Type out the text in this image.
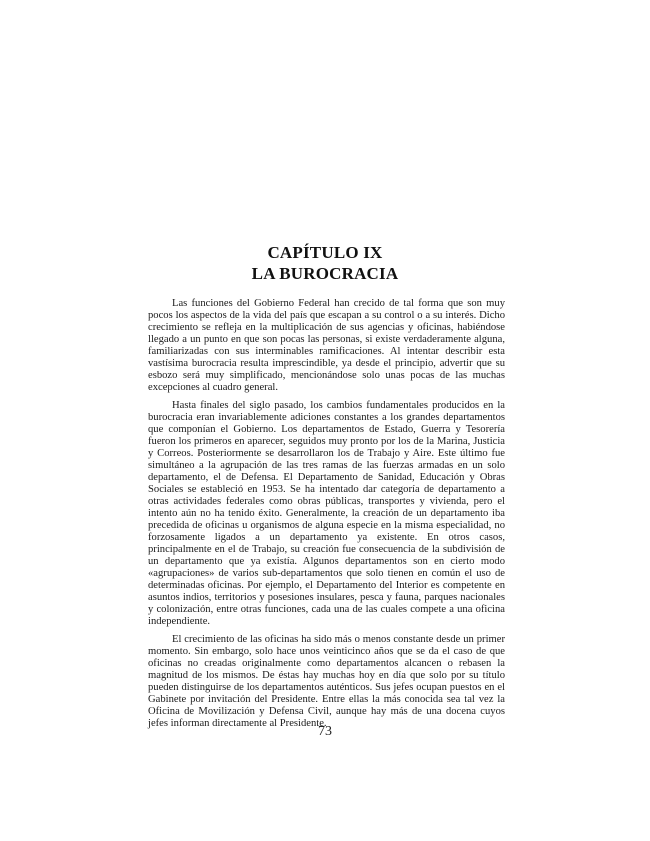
CAPÍTULO IX
LA BUROCRACIA

Las funciones del Gobierno Federal han crecido de tal forma que son muy pocos los aspectos de la vida del país que escapan a su control o a su interés. Dicho crecimiento se refleja en la multiplicación de sus agencias y oficinas, habiéndose llegado a un punto en que son pocas las personas, si existe verdaderamente alguna, familiarizadas con sus interminables ramificaciones. Al intentar describir esta vastísima burocracia resulta imprescindible, ya desde el principio, advertir que su esbozo será muy simplificado, mencionándose solo unas pocas de las muchas excepciones al cuadro general.

Hasta finales del siglo pasado, los cambios fundamentales producidos en la burocracia eran invariablemente adiciones constantes a los grandes departamentos que componían el Gobierno. Los departamentos de Estado, Guerra y Tesorería fueron los primeros en aparecer, seguidos muy pronto por los de la Marina, Justicia y Correos. Posteriormente se desarrollaron los de Trabajo y Aire. Este último fue simultáneo a la agrupación de las tres ramas de las fuerzas armadas en un solo departamento, el de Defensa. El Departamento de Sanidad, Educación y Obras Sociales se estableció en 1953. Se ha intentado dar categoría de departamento a otras actividades federales como obras públicas, transportes y vivienda, pero el intento aún no ha tenido éxito. Generalmente, la creación de un departamento iba precedida de oficinas u organismos de alguna especie en la misma especialidad, no forzosamente ligados a un departamento ya existente. En otros casos, principalmente en el de Trabajo, su creación fue consecuencia de la subdivisión de un departamento que ya existía. Algunos departamentos son en cierto modo «agrupaciones» de varios sub-departamentos que solo tienen en común el uso de determinadas oficinas. Por ejemplo, el Departamento del Interior es competente en asuntos indios, territorios y posesiones insulares, pesca y fauna, parques nacionales y colonización, entre otras funciones, cada una de las cuales compete a una oficina independiente.

El crecimiento de las oficinas ha sido más o menos constante desde un primer momento. Sin embargo, solo hace unos veinticinco años que se da el caso de que oficinas no creadas originalmente como departamentos alcancen o rebasen la magnitud de los mismos. De éstas hay muchas hoy en día que solo por su título pueden distinguirse de los departamentos auténticos. Sus jefes ocupan puestos en el Gabinete por invitación del Presidente. Entre ellas la más conocida sea tal vez la Oficina de Movilización y Defensa Civil, aunque hay más de una docena cuyos jefes informan directamente al Presidente.

73
